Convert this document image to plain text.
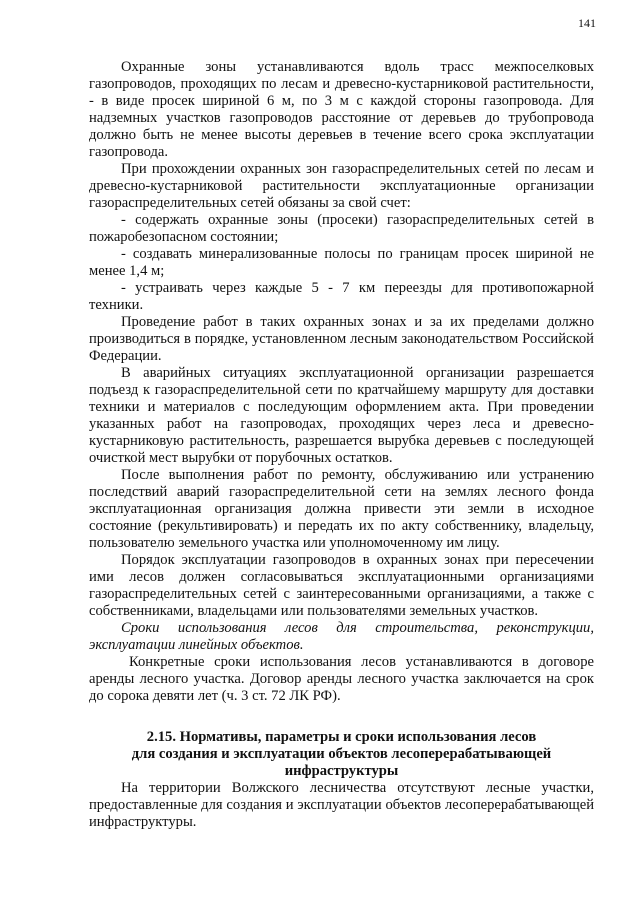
141

Охранные зоны устанавливаются вдоль трасс межпоселковых газопроводов, проходящих по лесам и древесно-кустарниковой растительности, - в виде просек шириной 6 м, по 3 м с каждой стороны газопровода. Для надземных участков газопроводов расстояние от деревьев до трубопровода должно быть не менее высоты деревьев в течение всего срока эксплуатации газопровода.

При прохождении охранных зон газораспределительных сетей по лесам и древесно-кустарниковой растительности эксплуатационные организации газораспределительных сетей обязаны за свой счет:

- содержать охранные зоны (просеки) газораспределительных сетей в пожаробезопасном состоянии;

- создавать минерализованные полосы по границам просек шириной не менее 1,4 м;

- устраивать через каждые 5 - 7 км переезды для противопожарной техники.

Проведение работ в таких охранных зонах и за их пределами должно производиться в порядке, установленном лесным законодательством Российской Федерации.

В аварийных ситуациях эксплуатационной организации разрешается подъезд к газораспределительной сети по кратчайшему маршруту для доставки техники и материалов с последующим оформлением акта. При проведении указанных работ на газопроводах, проходящих через леса и древесно-кустарниковую растительность, разрешается вырубка деревьев с последующей очисткой мест вырубки от порубочных остатков.

После выполнения работ по ремонту, обслуживанию или устранению последствий аварий газораспределительной сети на землях лесного фонда эксплуатационная организация должна привести эти земли в исходное состояние (рекультивировать) и передать их по акту собственнику, владельцу, пользователю земельного участка или уполномоченному им лицу.

Порядок эксплуатации газопроводов в охранных зонах при пересечении ими лесов должен согласовываться эксплуатационными организациями газораспределительных сетей с заинтересованными организациями, а также с собственниками, владельцами или пользователями земельных участков.

Сроки использования лесов для строительства, реконструкции, эксплуатации линейных объектов.

Конкретные сроки использования лесов устанавливаются в договоре аренды лесного участка. Договор аренды лесного участка заключается на срок до сорока девяти лет (ч. 3 ст. 72 ЛК РФ).

2.15. Нормативы, параметры и сроки использования лесов
для создания и эксплуатации объектов лесоперерабатывающей
инфраструктуры

На территории Волжского лесничества отсутствуют лесные участки, предоставленные для создания и эксплуатации объектов лесоперерабатывающей инфраструктуры.
